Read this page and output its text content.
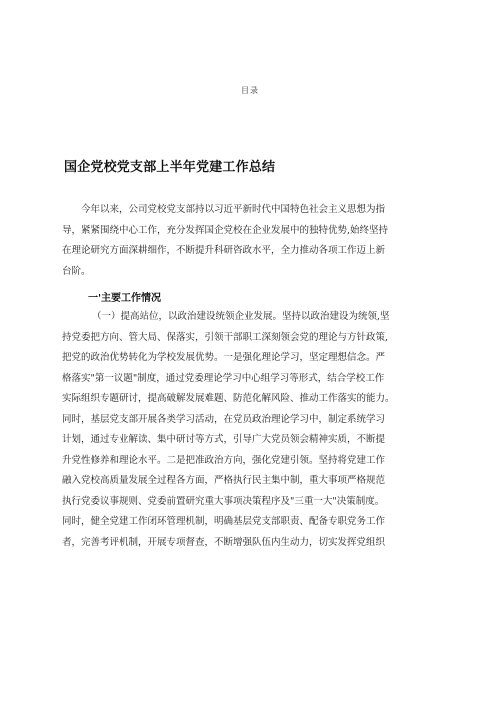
目录
国企党校党支部上半年党建工作总结
今年以来，公司党校党支部持以习近平新时代中国特色社会主义思想为指
导，紧紧围绕中心工作，充分发挥国企党校在企业发展中的独特优势,始终坚持
在理论研究方面深耕细作，不断提升科研咨政水平，全力推动各项工作迈上新
台阶。
一'主要工作情况
（一）提高站位，以政治建设统领企业发展。坚持以政治建设为统领,坚
持党委把方向、管大局、保落实，引领干部职工深刻领会党的理论与方针政策,
把党的政治优势转化为学校发展优势。一是强化理论学习，坚定理想信念。严
格落实"第一议题"制度，通过党委理论学习中心组学习等形式，结合学校工作
实际组织专题研讨，提高破解发展难题、防范化解风险、推动工作落实的能力。
同时，基层党支部开展各类学习活动，在党员政治理论学习中，制定系统学习
计划，通过专业解读、集中研讨等方式，引导广大党员领会精神实质，不断提
升党性修养和理论水平。二是把准政治方向，强化党建引领。坚持将党建工作
融入党校高质量发展全过程各方面，严格执行民主集中制，重大事项严格规范
执行党委议事规则、党委前置研究重大事项决策程序及"三重一大"决策制度。
同时，健全党建工作闭环管理机制，明确基层党支部职责、配备专职党务工作
者，完善考评机制，开展专项督查，不断增强队伍内生动力，切实发挥党组织
